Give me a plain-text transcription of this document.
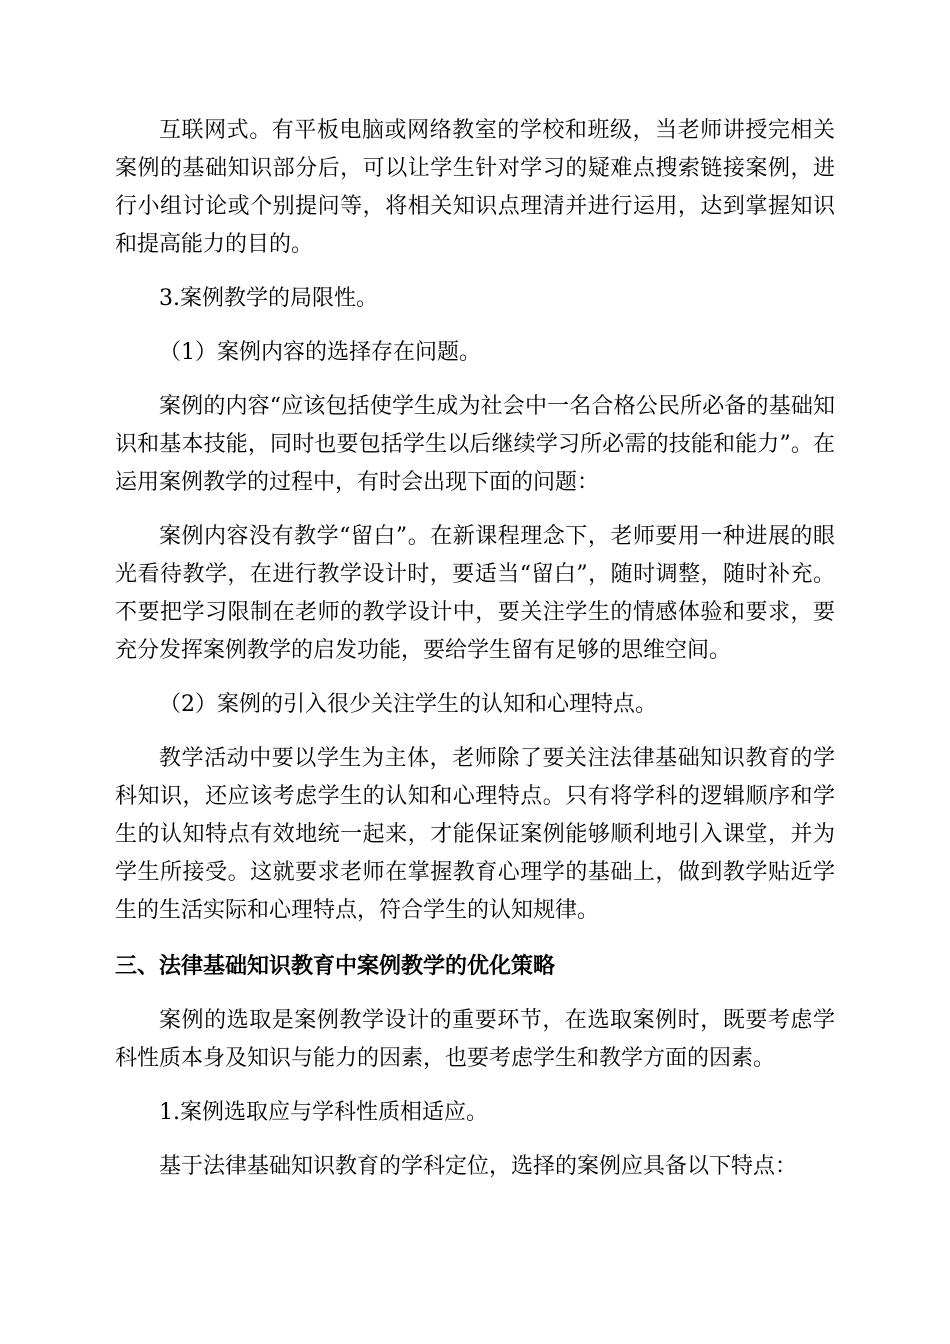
互联网式。有平板电脑或网络教室的学校和班级，当老师讲授完相关案例的基础知识部分后，可以让学生针对学习的疑难点搜索链接案例，进行小组讨论或个别提问等，将相关知识点理清并进行运用，达到掌握知识和提高能力的目的。

3.案例教学的局限性。

（1）案例内容的选择存在问题。

案例的内容“应该包括使学生成为社会中一名合格公民所必备的基础知识和基本技能，同时也要包括学生以后继续学习所必需的技能和能力”。在运用案例教学的过程中，有时会出现下面的问题：

案例内容没有教学“留白”。在新课程理念下，老师要用一种进展的眼光看待教学，在进行教学设计时，要适当“留白”，随时调整，随时补充。不要把学习限制在老师的教学设计中，要关注学生的情感体验和要求，要充分发挥案例教学的启发功能，要给学生留有足够的思维空间。

（2）案例的引入很少关注学生的认知和心理特点。

教学活动中要以学生为主体，老师除了要关注法律基础知识教育的学科知识，还应该考虑学生的认知和心理特点。只有将学科的逻辑顺序和学生的认知特点有效地统一起来，才能保证案例能够顺利地引入课堂，并为学生所接受。这就要求老师在掌握教育心理学的基础上，做到教学贴近学生的生活实际和心理特点，符合学生的认知规律。

三、法律基础知识教育中案例教学的优化策略

案例的选取是案例教学设计的重要环节，在选取案例时，既要考虑学科性质本身及知识与能力的因素，也要考虑学生和教学方面的因素。

1.案例选取应与学科性质相适应。

基于法律基础知识教育的学科定位，选择的案例应具备以下特点：
